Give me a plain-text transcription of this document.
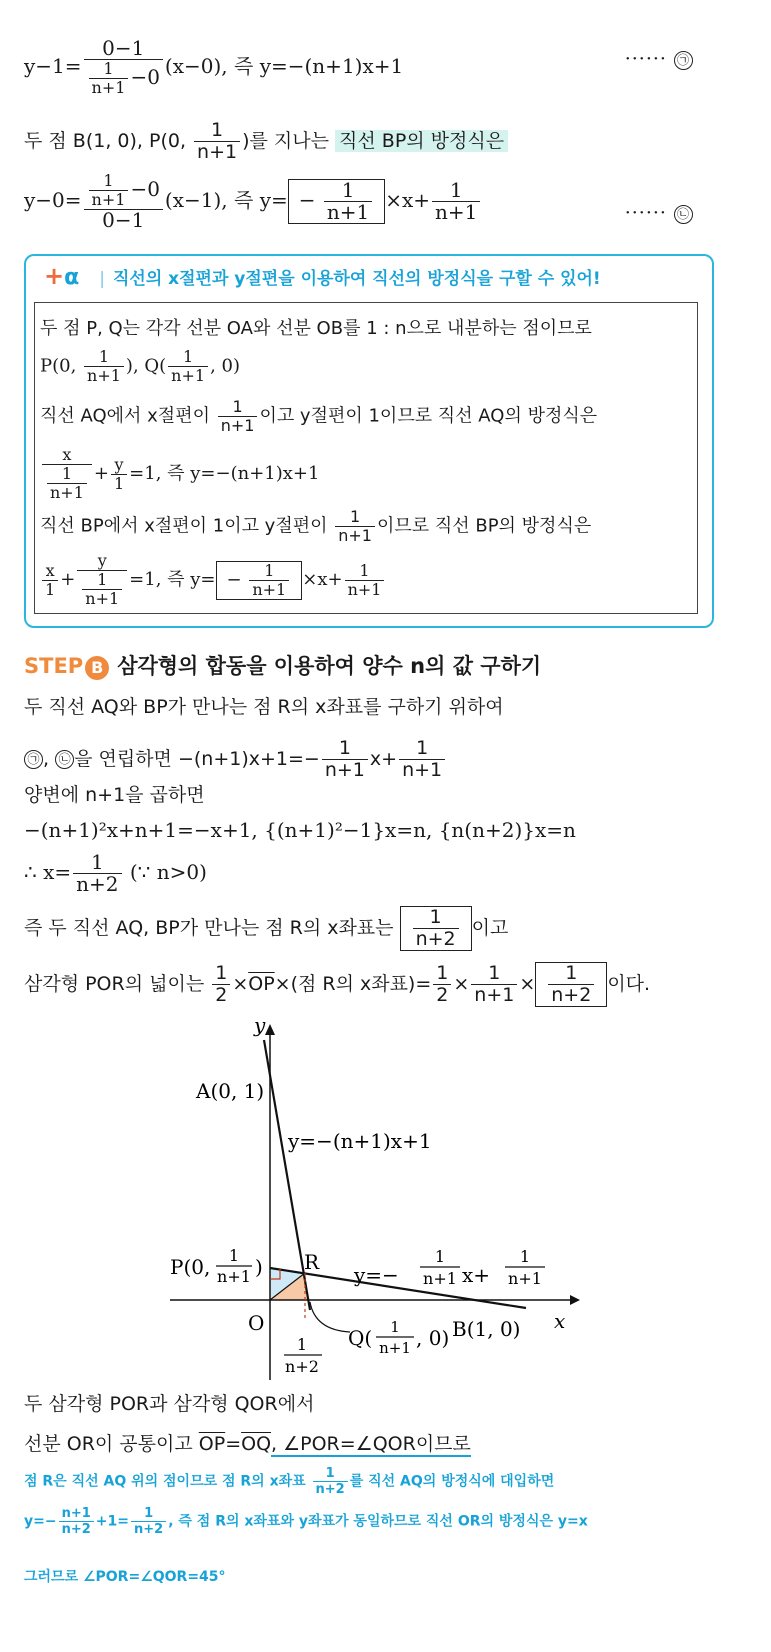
$y-1= \frac{0-1}{\frac{1}{n+1} -0} (x-0)$, 즉 y=−(n+1)x+1	······ ㉠
두 점 B(1, 0), P(0, $\frac{1}{n+1}$ )를 지나는 직선 BP의 방정식은
$y-0= \frac{\frac{1}{n+1} -0}{0-1} (x-1)$, 즉 $y= - \frac{1}{n+1} \times x+ \frac{1}{n+1}$	······ ㉡
+α | 직선의 x절편과 y절편을 이용하여 직선의 방정식을 구할 수 있어!
두 점 P, Q는 각각 선분 OA와 선분 OB를 1 : n으로 내분하는 점이므로
P(0, $\frac{1}{n+1}$ ), $Q( \frac{1}{n+1}$ , 0)
직선 AQ에서 x절편이 $\frac{1}{n+1}$ 이고 y절편이 1이므로 직선 AQ의 방정식은
$\frac{x}{\frac{1}{n+1}} + \frac{y}{1} =1$, 즉 y=−(n+1)x+1
직선 BP에서 x절편이 1이고 y절편이 $\frac{1}{n+1}$ 이므로 직선 BP의 방정식은
$\frac{x}{1} + \frac{y}{\frac{1}{n+1}} =1$, 즉 $y= - \frac{1}{n+1} \times x+ \frac{1}{n+1}$
STEP B 삼각형의 합동을 이용하여 양수 n의 값 구하기
두 직선 AQ와 BP가 만나는 점 R의 x좌표를 구하기 위하여
㉠ , ㉡ 을 연립하면 $-(n+1)x+1=- \frac{1}{n+1} x+ \frac{1}{n+1}$
양변에 n+1을 곱하면
−(n+1)²x+n+1=−x+1, {(n+1)²−1}x=n, {n(n+2)}x=n
∴ $x= \frac{1}{n+2}$ (∵ n>0)
즉 두 직선 AQ, BP가 만나는 점 R의 x좌표는 $\frac{1}{n+2}$ 이고
삼각형 POR의 넓이는 $\frac{1}{2} \times\overline{OP}\times$(점 R의 x좌표)= $\frac{1}{2} \times \frac{1}{n+1} \times \frac{1}{n+2}$ 이다.
y
x
O
A(0, 1)
y=−(n+1)x+1
P(0, 1
n+1 ) R
y=−
1
n+1 x+
1
n+1
Q( 1
n+1 , 0) B(1, 0)
1
n+2
두 삼각형 POR과 삼각형 QOR에서
선분 OR이 공통이고 $\overline{OP}=\overline{OQ}$, ∠POR=∠QOR이므로
점 R은 직선 AQ 위의 점이므로 점 R의 x좌표 $\frac{1}{n+2}$ 를 직선 AQ의 방정식에 대입하면
$y=- \frac{n+1}{n+2} +1= \frac{1}{n+2}$ , 즉 점 R의 x좌표와 y좌표가 동일하므로 직선 OR의 방정식은 y=x
그러므로 ∠POR=∠QOR=45°
